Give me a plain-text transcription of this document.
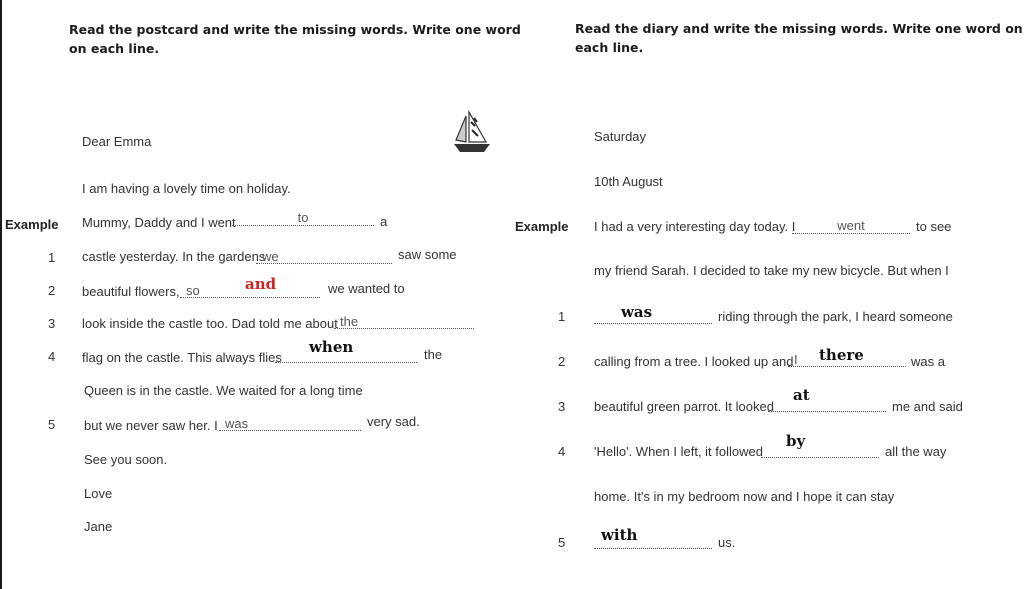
Read the postcard and write the missing words. Write one word
on each line.
Dear Emma
I am having a lovely time on holiday.
Example Mummy, Daddy and I went	to	a
1 castle yesterday. In the gardens
we	saw some
2 beautiful flowers, so	and	we wanted to
3 look inside the castle too. Dad told me about the
4 flag on the castle. This always flies
when	the
Queen is in the castle. We waited for a long time
5 but we never saw her. I was	very sad.
See you soon.
Love
Jane
Read the diary and write the missing words. Write one word on
each line.
Saturday
10th August
Example I had a very interesting day today. I	went	to see
my friend Sarah. I decided to take my new bicycle. But when I
1	was	riding through the park, I heard someone
2 calling from a tree. I looked up and I	there	was a
3 beautiful green parrot. It looked
at
me and said
4 'Hello'. When I left, it followed
by
all the way
home. It's in my bedroom now and I hope it can stay
5 with	us.
